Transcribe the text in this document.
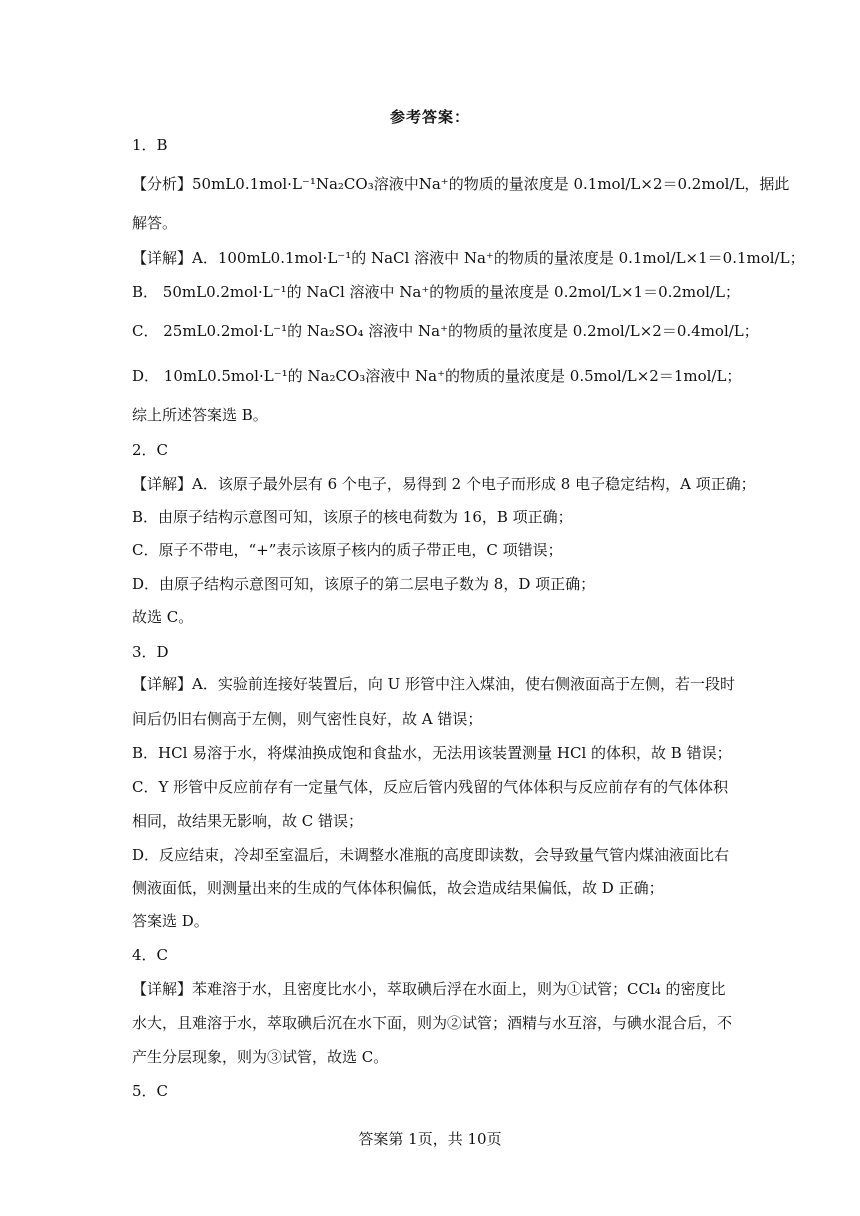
参考答案：
1．B
【分析】50mL0.1mol·L⁻¹Na₂CO₃溶液中Na⁺的物质的量浓度是 0.1mol/L×2＝0.2mol/L，据此
解答。
【详解】A．100mL0.1mol·L⁻¹的 NaCl 溶液中 Na⁺的物质的量浓度是 0.1mol/L×1＝0.1mol/L；
B． 50mL0.2mol·L⁻¹的 NaCl 溶液中 Na⁺的物质的量浓度是 0.2mol/L×1＝0.2mol/L；
C． 25mL0.2mol·L⁻¹的 Na₂SO₄ 溶液中 Na⁺的物质的量浓度是 0.2mol/L×2＝0.4mol/L；
D． 10mL0.5mol·L⁻¹的 Na₂CO₃溶液中 Na⁺的物质的量浓度是 0.5mol/L×2＝1mol/L；
综上所述答案选 B。
2．C
【详解】A．该原子最外层有 6 个电子，易得到 2 个电子而形成 8 电子稳定结构，A 项正确；
B．由原子结构示意图可知，该原子的核电荷数为 16，B 项正确；
C．原子不带电，“+”表示该原子核内的质子带正电，C 项错误；
D．由原子结构示意图可知，该原子的第二层电子数为 8，D 项正确；
故选 C。
3．D
【详解】A．实验前连接好装置后，向 U 形管中注入煤油，使右侧液面高于左侧，若一段时
间后仍旧右侧高于左侧，则气密性良好，故 A 错误；
B．HCl 易溶于水，将煤油换成饱和食盐水，无法用该装置测量 HCl 的体积，故 B 错误；
C．Y 形管中反应前存有一定量气体，反应后管内残留的气体体积与反应前存有的气体体积
相同，故结果无影响，故 C 错误；
D．反应结束，冷却至室温后，未调整水准瓶的高度即读数，会导致量气管内煤油液面比右
侧液面低，则测量出来的生成的气体体积偏低，故会造成结果偏低，故 D 正确；
答案选 D。
4．C
【详解】苯难溶于水，且密度比水小，萃取碘后浮在水面上，则为①试管；CCl₄ 的密度比
水大，且难溶于水，萃取碘后沉在水下面，则为②试管；酒精与水互溶，与碘水混合后，不
产生分层现象，则为③试管，故选 C。
5．C
答案第 1页，共 10页
